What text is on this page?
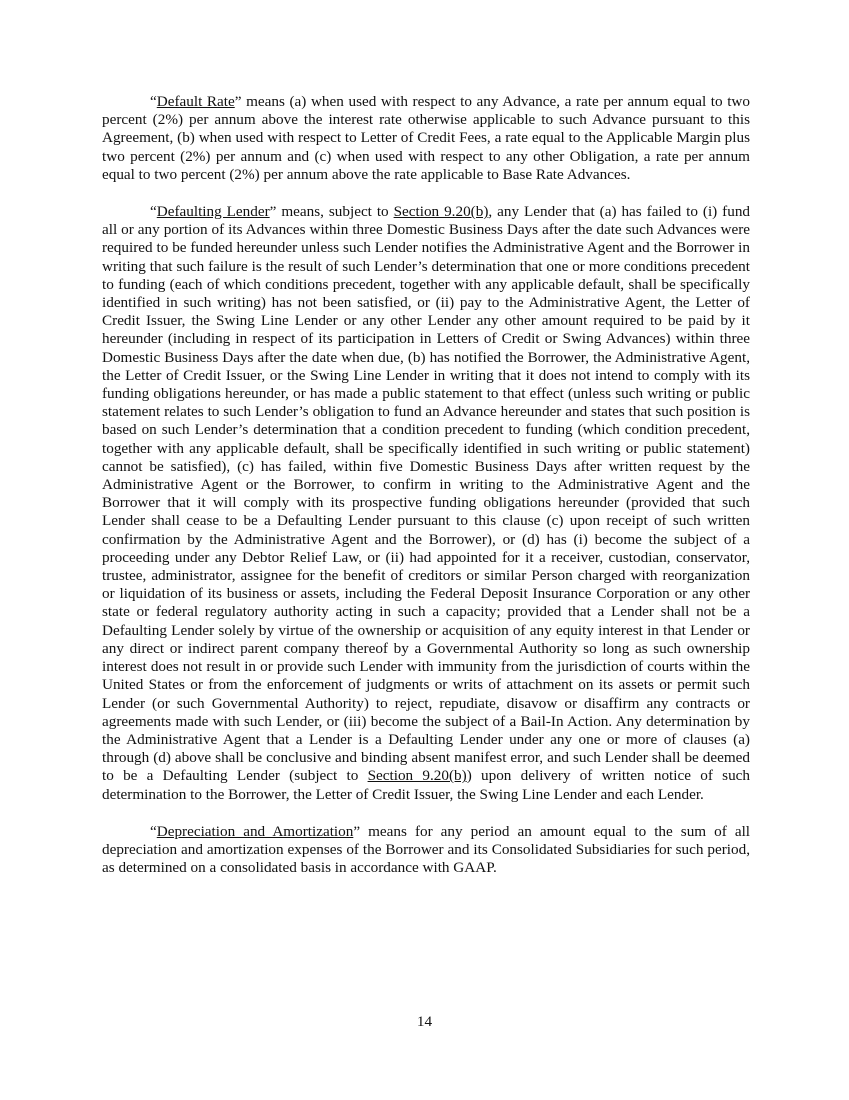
“Default Rate” means (a) when used with respect to any Advance, a rate per annum equal to two percent (2%) per annum above the interest rate otherwise applicable to such Advance pursuant to this Agreement, (b) when used with respect to Letter of Credit Fees, a rate equal to the Applicable Margin plus two percent (2%) per annum and (c) when used with respect to any other Obligation, a rate per annum equal to two percent (2%) per annum above the rate applicable to Base Rate Advances.

“Defaulting Lender” means, subject to Section 9.20(b), any Lender that (a) has failed to (i) fund all or any portion of its Advances within three Domestic Business Days after the date such Advances were required to be funded hereunder unless such Lender notifies the Administrative Agent and the Borrower in writing that such failure is the result of such Lender’s determination that one or more conditions precedent to funding (each of which conditions precedent, together with any applicable default, shall be specifically identified in such writing) has not been satisfied, or (ii) pay to the Administrative Agent, the Letter of Credit Issuer, the Swing Line Lender or any other Lender any other amount required to be paid by it hereunder (including in respect of its participation in Letters of Credit or Swing Advances) within three Domestic Business Days after the date when due, (b) has notified the Borrower, the Administrative Agent, the Letter of Credit Issuer, or the Swing Line Lender in writing that it does not intend to comply with its funding obligations hereunder, or has made a public statement to that effect (unless such writing or public statement relates to such Lender’s obligation to fund an Advance hereunder and states that such position is based on such Lender’s determination that a condition precedent to funding (which condition precedent, together with any applicable default, shall be specifically identified in such writing or public statement) cannot be satisfied), (c) has failed, within five Domestic Business Days after written request by the Administrative Agent or the Borrower, to confirm in writing to the Administrative Agent and the Borrower that it will comply with its prospective funding obligations hereunder (provided that such Lender shall cease to be a Defaulting Lender pursuant to this clause (c) upon receipt of such written confirmation by the Administrative Agent and the Borrower), or (d) has (i) become the subject of a proceeding under any Debtor Relief Law, or (ii) had appointed for it a receiver, custodian, conservator, trustee, administrator, assignee for the benefit of creditors or similar Person charged with reorganization or liquidation of its business or assets, including the Federal Deposit Insurance Corporation or any other state or federal regulatory authority acting in such a capacity; provided that a Lender shall not be a Defaulting Lender solely by virtue of the ownership or acquisition of any equity interest in that Lender or any direct or indirect parent company thereof by a Governmental Authority so long as such ownership interest does not result in or provide such Lender with immunity from the jurisdiction of courts within the United States or from the enforcement of judgments or writs of attachment on its assets or permit such Lender (or such Governmental Authority) to reject, repudiate, disavow or disaffirm any contracts or agreements made with such Lender, or (iii) become the subject of a Bail-In Action. Any determination by the Administrative Agent that a Lender is a Defaulting Lender under any one or more of clauses (a) through (d) above shall be conclusive and binding absent manifest error, and such Lender shall be deemed to be a Defaulting Lender (subject to Section 9.20(b)) upon delivery of written notice of such determination to the Borrower, the Letter of Credit Issuer, the Swing Line Lender and each Lender.

“Depreciation and Amortization” means for any period an amount equal to the sum of all depreciation and amortization expenses of the Borrower and its Consolidated Subsidiaries for such period, as determined on a consolidated basis in accordance with GAAP.

14
